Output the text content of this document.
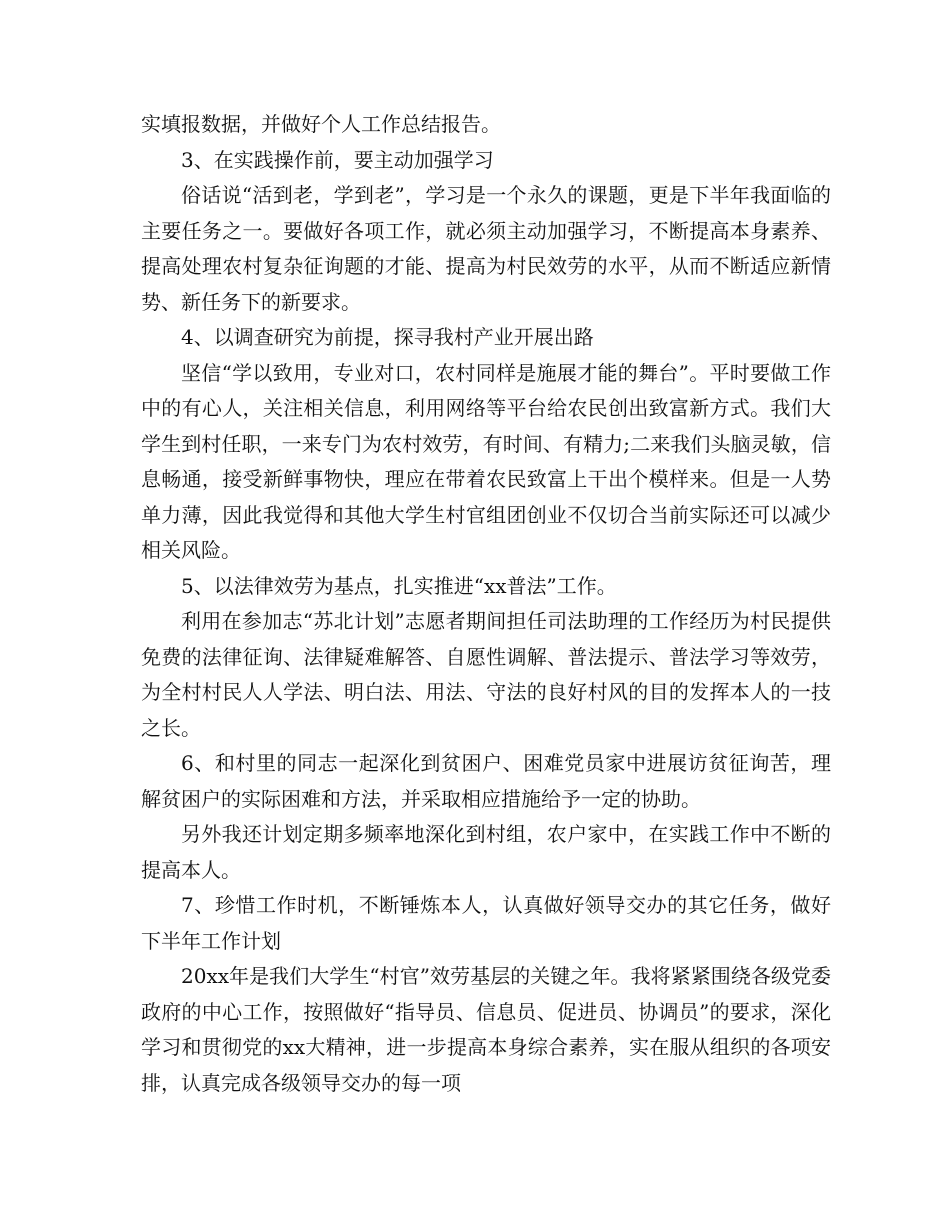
实填报数据，并做好个人工作总结报告。

3、在实践操作前，要主动加强学习

俗话说“活到老，学到老”，学习是一个永久的课题，更是下半年我面临的主要任务之一。要做好各项工作，就必须主动加强学习，不断提高本身素养、提高处理农村复杂征询题的才能、提高为村民效劳的水平，从而不断适应新情势、新任务下的新要求。

4、以调查研究为前提，探寻我村产业开展出路

坚信“学以致用，专业对口，农村同样是施展才能的舞台”。平时要做工作中的有心人，关注相关信息，利用网络等平台给农民创出致富新方式。我们大学生到村任职，一来专门为农村效劳，有时间、有精力;二来我们头脑灵敏，信息畅通，接受新鲜事物快，理应在带着农民致富上干出个模样来。但是一人势单力薄，因此我觉得和其他大学生村官组团创业不仅切合当前实际还可以减少相关风险。

5、以法律效劳为基点，扎实推进“xx普法”工作。

利用在参加志“苏北计划”志愿者期间担任司法助理的工作经历为村民提供免费的法律征询、法律疑难解答、自愿性调解、普法提示、普法学习等效劳，为全村村民人人学法、明白法、用法、守法的良好村风的目的发挥本人的一技之长。

6、和村里的同志一起深化到贫困户、困难党员家中进展访贫征询苦，理解贫困户的实际困难和方法，并采取相应措施给予一定的协助。

另外我还计划定期多频率地深化到村组，农户家中，在实践工作中不断的提高本人。

7、珍惜工作时机，不断锤炼本人，认真做好领导交办的其它任务，做好下半年工作计划

20xx年是我们大学生“村官”效劳基层的关键之年。我将紧紧围绕各级党委政府的中心工作，按照做好“指导员、信息员、促进员、协调员”的要求，深化学习和贯彻党的xx大精神，进一步提高本身综合素养，实在服从组织的各项安排，认真完成各级领导交办的每一项
